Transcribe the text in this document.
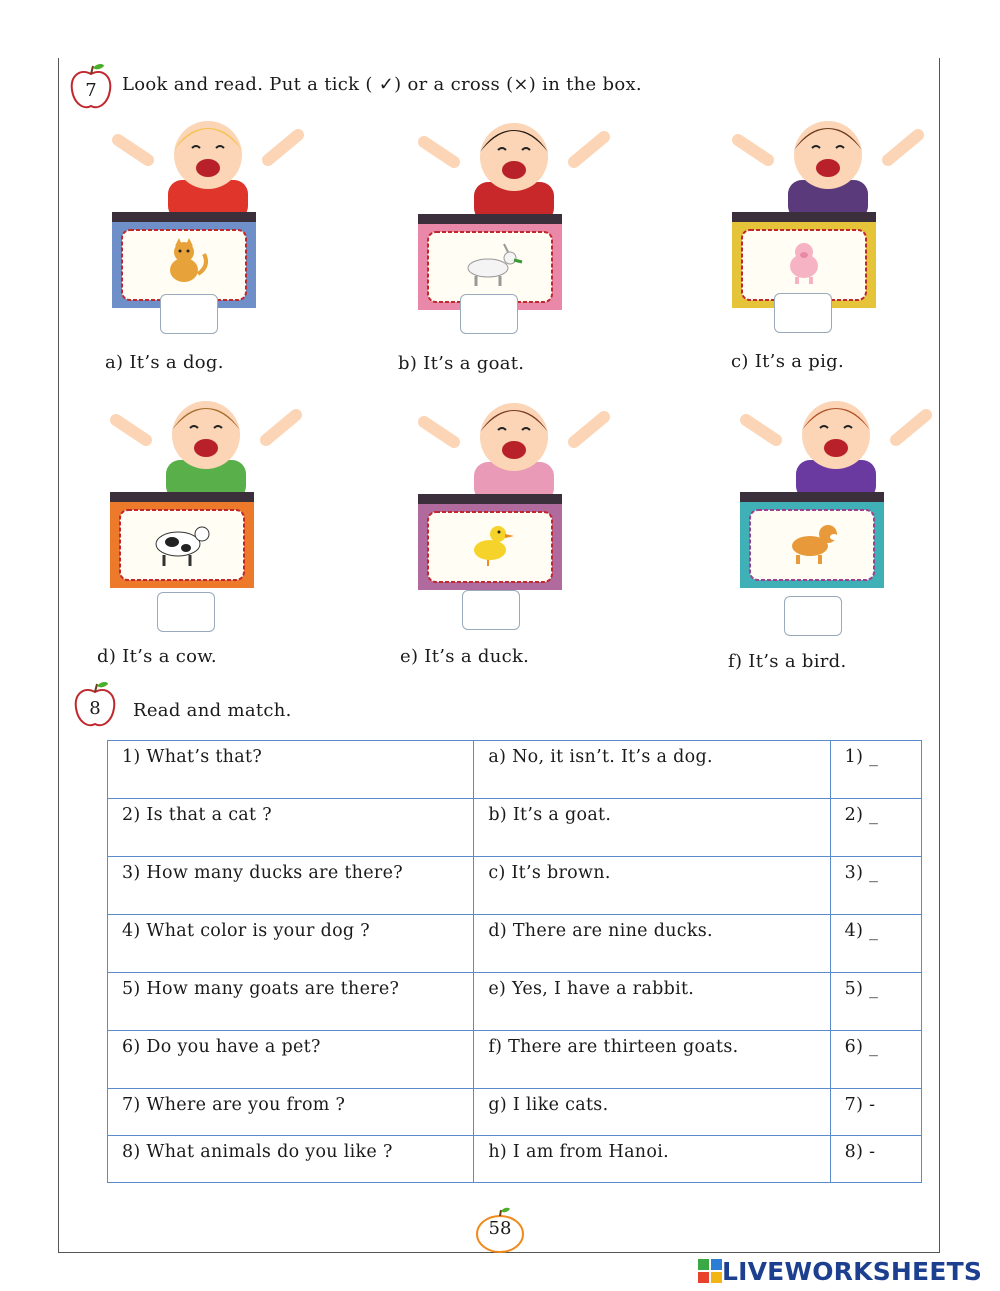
7	Look and read. Put a tick ( ✓) or a cross (×) in the box.
a) It’s a dog.	b) It’s a goat.	c) It’s a pig.
d) It’s a cow.	e) It’s a duck.	f) It’s a bird.
8	Read and match.
1) What’s that?	a) No, it isn’t. It’s a dog.	1) _
2) Is that a cat ?	b) It’s a goat.	2) _
3) How many ducks are there?	c) It’s brown.	3) _
4) What color is your dog ?	d) There are nine ducks.	4) _
5) How many goats are there?	e) Yes, I have a rabbit.	5) _
6) Do you have a pet?	f) There are thirteen goats.	6) _
7) Where are you from ?	g) I like cats.	7) -
8) What animals do you like ?	h) I am from Hanoi.	8) -
58
LIVEWORKSHEETS
